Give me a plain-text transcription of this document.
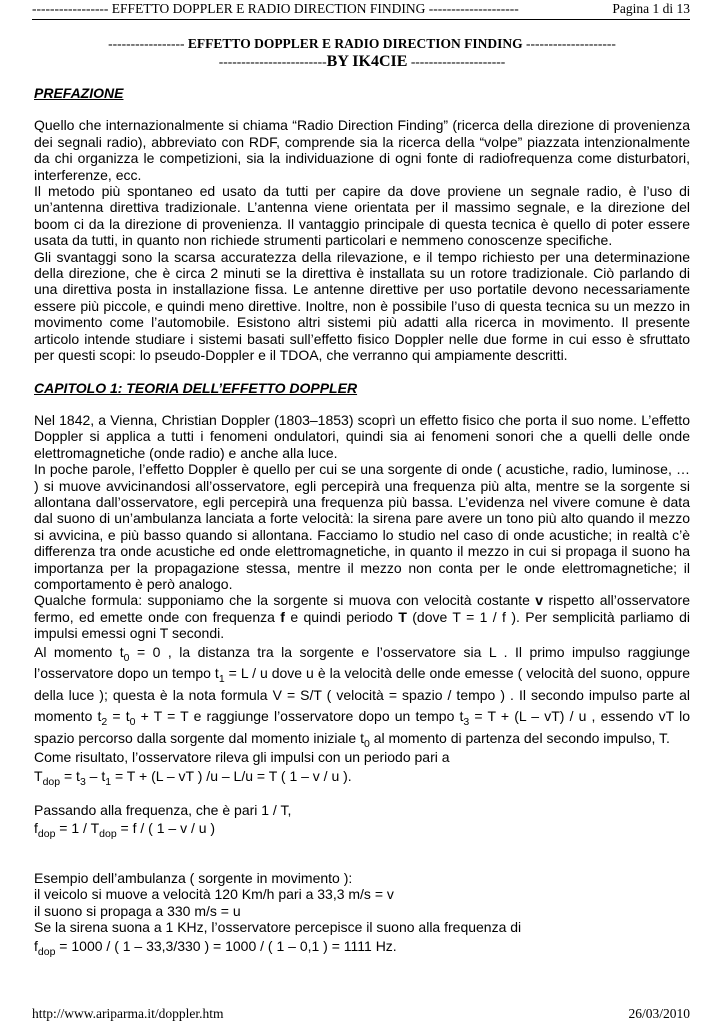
----------------- EFFETTO DOPPLER E RADIO DIRECTION FINDING --------------------	Pagina 1 di 13
----------------- EFFETTO DOPPLER E RADIO DIRECTION FINDING --------------------
------------------------BY IK4CIE ---------------------

PREFAZIONE

Quello che internazionalmente si chiama “Radio Direction Finding” (ricerca della direzione di provenienza dei segnali radio), abbreviato con RDF, comprende sia la ricerca della “volpe” piazzata intenzionalmente da chi organizza le competizioni, sia la individuazione di ogni fonte di radiofrequenza come disturbatori, interferenze, ecc.

Il metodo più spontaneo ed usato da tutti per capire da dove proviene un segnale radio, è l’uso di un’antenna direttiva tradizionale. L’antenna viene orientata per il massimo segnale, e la direzione del boom ci da la direzione di provenienza. Il vantaggio principale di questa tecnica è quello di poter essere usata da tutti, in quanto non richiede strumenti particolari e nemmeno conoscenze specifiche.

Gli svantaggi sono la scarsa accuratezza della rilevazione, e il tempo richiesto per una determinazione della direzione, che è circa 2 minuti se la direttiva è installata su un rotore tradizionale. Ciò parlando di una direttiva posta in installazione fissa. Le antenne direttive per uso portatile devono necessariamente essere più piccole, e quindi meno direttive. Inoltre, non è possibile l’uso di questa tecnica su un mezzo in movimento come l’automobile. Esistono altri sistemi più adatti alla ricerca in movimento. Il presente articolo intende studiare i sistemi basati sull’effetto fisico Doppler nelle due forme in cui esso è sfruttato per questi scopi: lo pseudo-Doppler e il TDOA, che verranno qui ampiamente descritti.

CAPITOLO 1: TEORIA DELL’EFFETTO DOPPLER

Nel 1842, a Vienna, Christian Doppler (1803–1853) scoprì un effetto fisico che porta il suo nome. L’effetto Doppler si applica a tutti i fenomeni ondulatori, quindi sia ai fenomeni sonori che a quelli delle onde elettromagnetiche (onde radio) e anche alla luce.

In poche parole, l’effetto Doppler è quello per cui se una sorgente di onde ( acustiche, radio, luminose, … ) si muove avvicinandosi all’osservatore, egli percepirà una frequenza più alta, mentre se la sorgente si allontana dall’osservatore, egli percepirà una frequenza più bassa. L’evidenza nel vivere comune è data dal suono di un’ambulanza lanciata a forte velocità: la sirena pare avere un tono più alto quando il mezzo si avvicina, e più basso quando si allontana. Facciamo lo studio nel caso di onde acustiche; in realtà c’è differenza tra onde acustiche ed onde elettromagnetiche, in quanto il mezzo in cui si propaga il suono ha importanza per la propagazione stessa, mentre il mezzo non conta per le onde elettromagnetiche; il comportamento è però analogo.

Qualche formula: supponiamo che la sorgente si muova con velocità costante v rispetto all’osservatore fermo, ed emette onde con frequenza f e quindi periodo T (dove T = 1 / f ). Per semplicità parliamo di impulsi emessi ogni T secondi.

Al momento $t_0 = 0$ , la distanza tra la sorgente e l’osservatore sia L . Il primo impulso raggiunge l’osservatore dopo un tempo $t_1 = L / u$ dove u è la velocità delle onde emesse ( velocità del suono, oppure della luce ); questa è la nota formula V = S/T ( velocità = spazio / tempo ) . Il secondo impulso parte al momento $t_2 = t_0 + T = T$ e raggiunge l’osservatore dopo un tempo $t_3 = T + (L - vT) / u$ , essendo vT lo spazio percorso dalla sorgente dal momento iniziale $t_0$ al momento di partenza del secondo impulso, T.

Come risultato, l’osservatore rileva gli impulsi con un periodo pari a

$T_{dop} = t_3 - t_1 = T + (L$ – vT ) /u – L/u = T ( 1 – v / u ).

Passando alla frequenza, che è pari 1 / T,

$f_{dop} = 1 / T_{dop} = f$ / ( 1 – v / u )

Esempio dell’ambulanza ( sorgente in movimento ):

il veicolo si muove a velocità 120 Km/h pari a 33,3 m/s = v

il suono si propaga a 330 m/s = u

Se la sirena suona a 1 KHz, l’osservatore percepisce il suono alla frequenza di

$f_{dop} = 1000$ / ( 1 – 33,3/330 ) = 1000 / ( 1 – 0,1 ) = 1111 Hz.

http://www.ariparma.it/doppler.htm	26/03/2010
